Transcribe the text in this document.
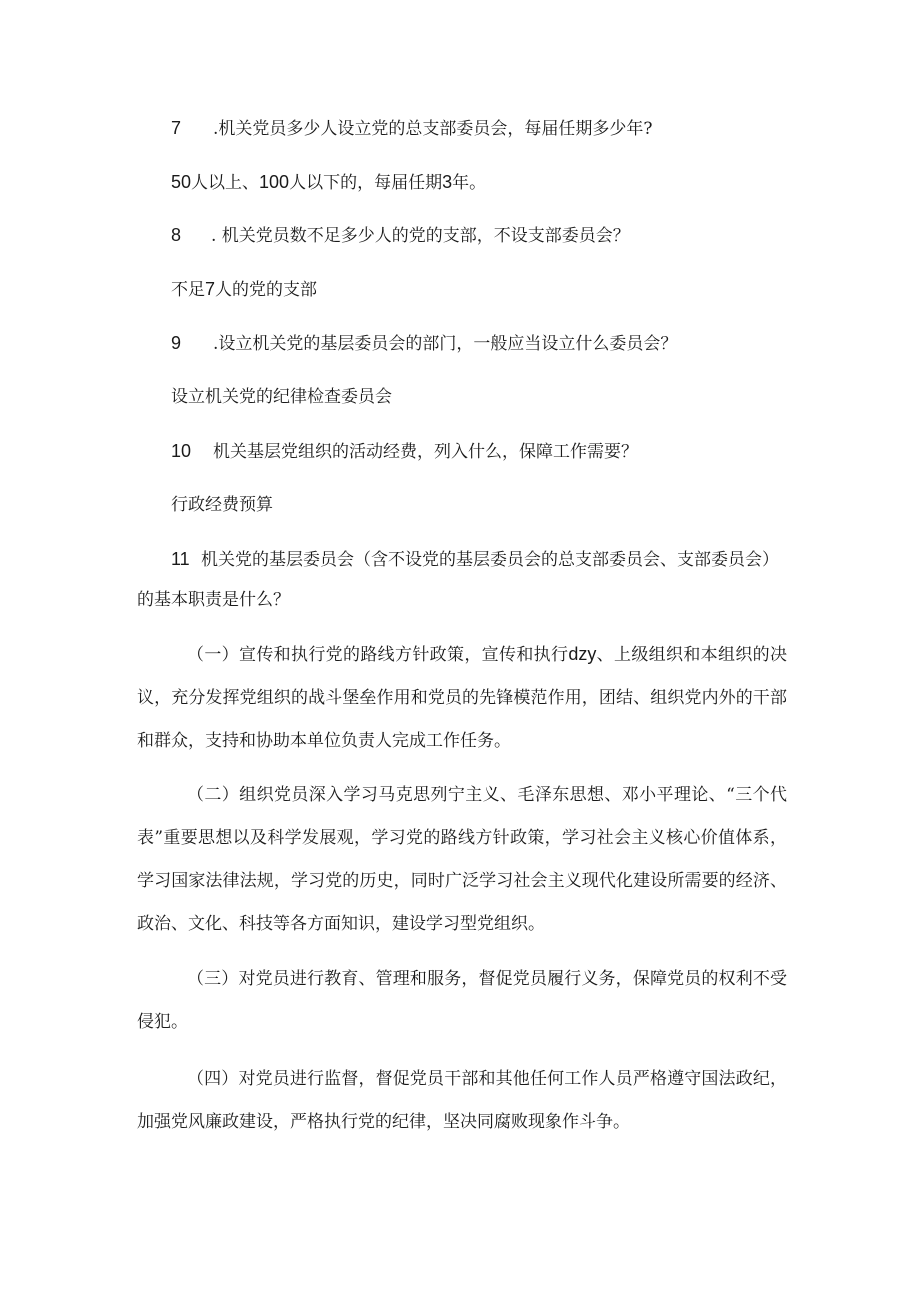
7 .机关党员多少人设立党的总支部委员会，每届任期多少年?
50人以上、100人以下的，每届任期3年。
8 . 机关党员数不足多少人的党的支部，不设支部委员会？
不足7人的党的支部
9 .设立机关党的基层委员会的部门，一般应当设立什么委员会？
设立机关党的纪律检查委员会
10 机关基层党组织的活动经费，列入什么，保障工作需要？
行政经费预算
11 机关党的基层委员会（含不设党的基层委员会的总支部委员会、支部委员会）
的基本职责是什么？
（一）宣传和执行党的路线方针政策，宣传和执行dzy、上级组织和本组织的决议，充分发挥党组织的战斗堡垒作用和党员的先锋模范作用，团结、组织党内外的干部和群众，支持和协助本单位负责人完成工作任务。
（二）组织党员深入学习马克思列宁主义、毛泽东思想、邓小平理论、“三个代表”重要思想以及科学发展观，学习党的路线方针政策，学习社会主义核心价值体系，学习国家法律法规，学习党的历史，同时广泛学习社会主义现代化建设所需要的经济、政治、文化、科技等各方面知识，建设学习型党组织。
（三）对党员进行教育、管理和服务，督促党员履行义务，保障党员的权利不受侵犯。
（四）对党员进行监督，督促党员干部和其他任何工作人员严格遵守国法政纪，加强党风廉政建设，严格执行党的纪律，坚决同腐败现象作斗争。
